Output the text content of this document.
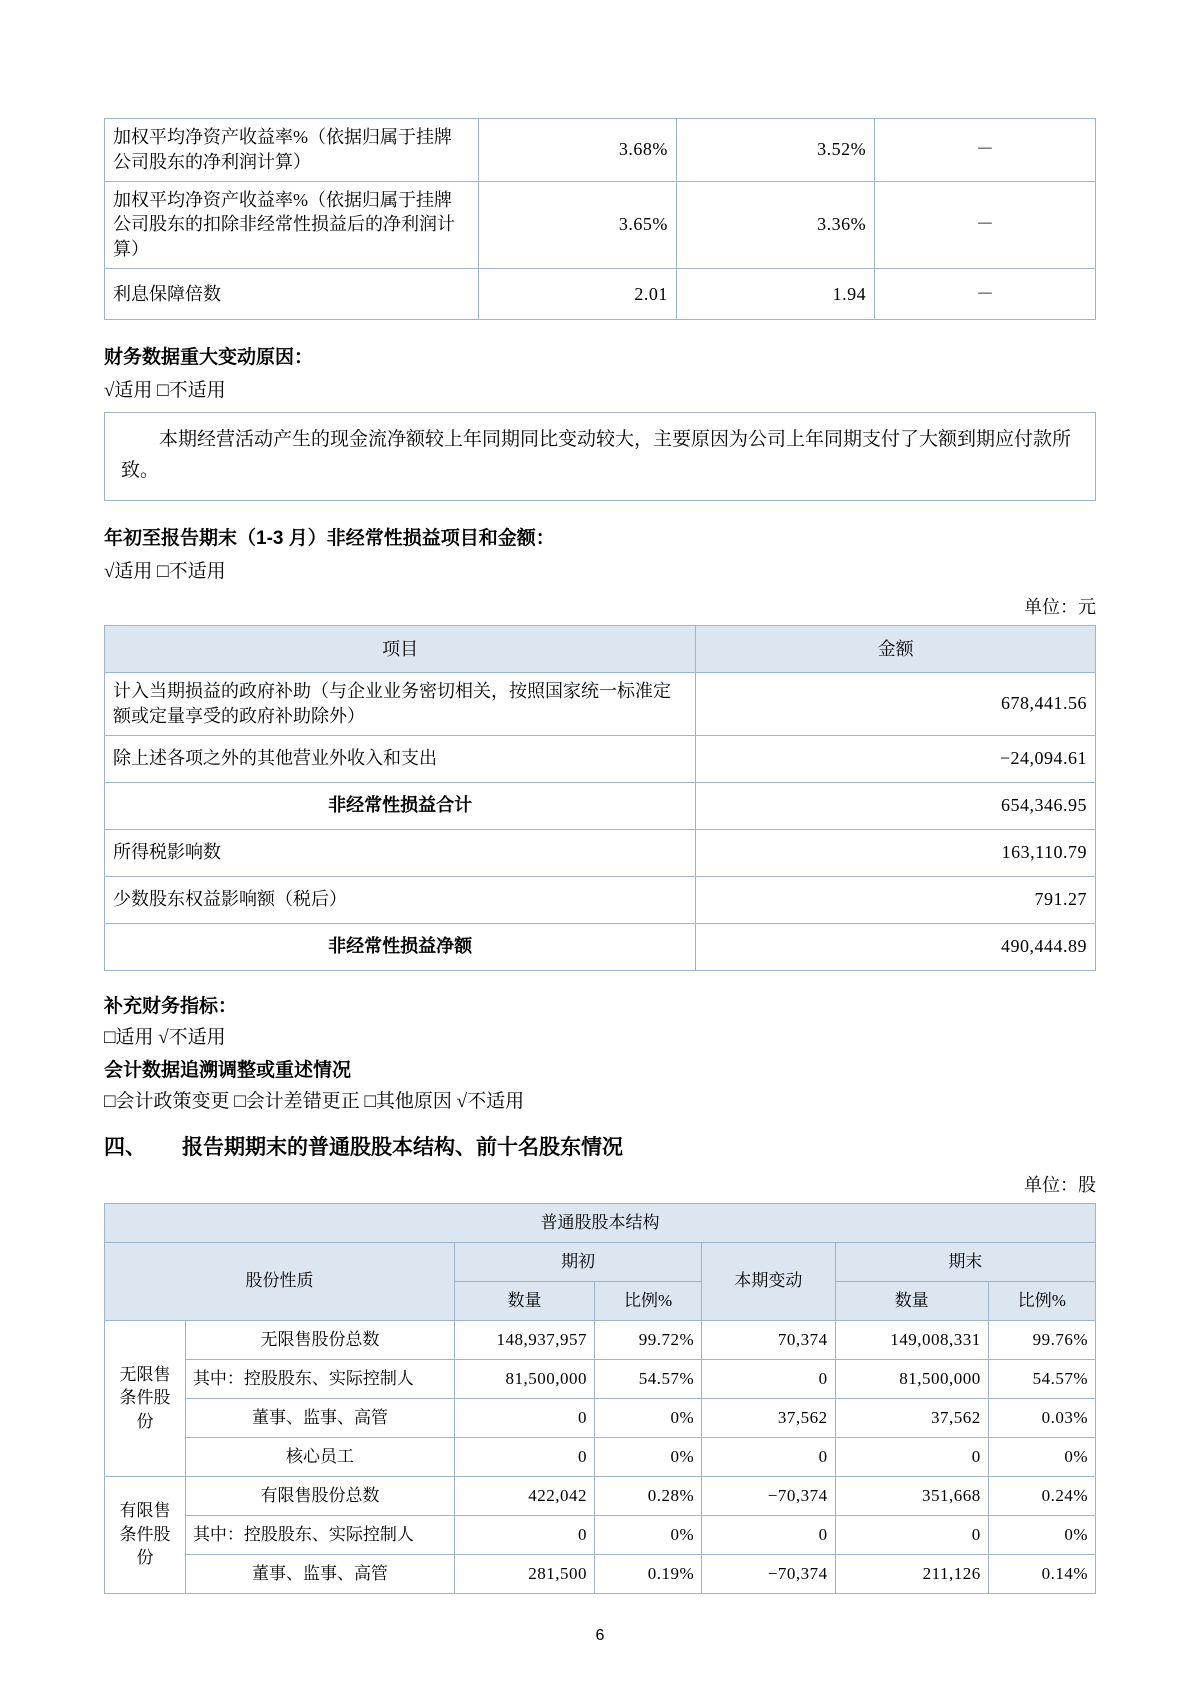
加权平均净资产收益率%（依据归属于挂牌公司股东的净利润计算）	3.68%	3.52%	－
加权平均净资产收益率%（依据归属于挂牌公司股东的扣除非经常性损益后的净利润计算）	3.65%	3.36%	－
利息保障倍数	2.01	1.94	－
财务数据重大变动原因：
√适用 □不适用

本期经营活动产生的现金流净额较上年同期同比变动较大，主要原因为公司上年同期支付了大额到期应付款所致。

年初至报告期末（1-3 月）非经常性损益项目和金额：
√适用 □不适用
单位：元
项目	金额
计入当期损益的政府补助（与企业业务密切相关，按照国家统一标准定额或定量享受的政府补助除外）	678,441.56
除上述各项之外的其他营业外收入和支出	−24,094.61
非经常性损益合计	654,346.95
所得税影响数	163,110.79
少数股东权益影响额（税后）	791.27
非经常性损益净额	490,444.89
补充财务指标：
□适用 √不适用
会计数据追溯调整或重述情况
□会计政策变更 □会计差错更正 □其他原因 √不适用
四、 报告期期末的普通股股本结构、前十名股东情况
单位：股
普通股股本结构						
股份性质		期初		本期变动	期末	
		数量	比例%		数量	比例%
无限售条件股份	无限售股份总数	148,937,957	99.72%	70,374	149,008,331	99.76%
	其中：控股股东、实际控制人	81,500,000	54.57%	0	81,500,000	54.57%
	董事、监事、高管	0	0%	37,562	37,562	0.03%
	核心员工	0	0%	0	0	0%
有限售条件股份	有限售股份总数	422,042	0.28%	−70,374	351,668	0.24%
	其中：控股股东、实际控制人	0	0%	0	0	0%
	董事、监事、高管	281,500	0.19%	−70,374	211,126	0.14%
6
